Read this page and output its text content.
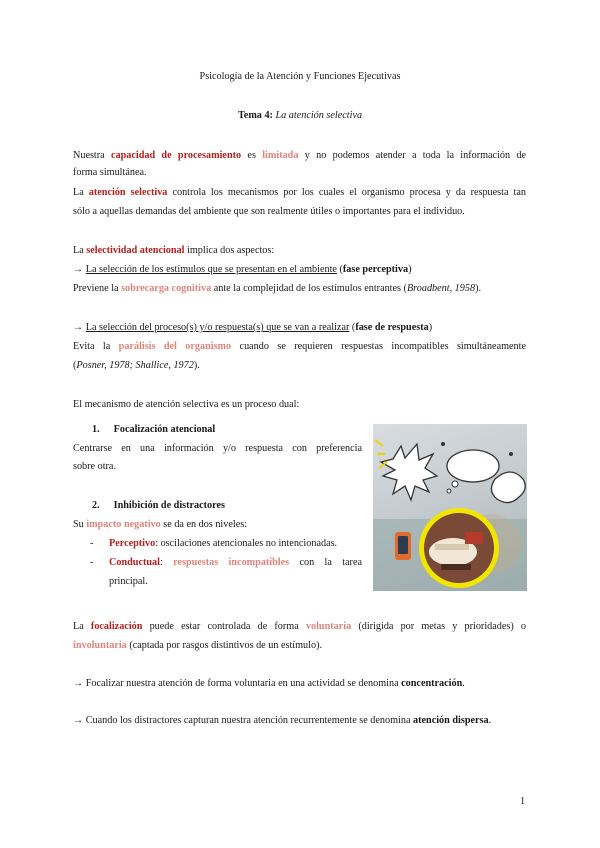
Psicología de la Atención y Funciones Ejecutivas
Tema 4: La atención selectiva
Nuestra capacidad de procesamiento es limitada y no podemos atender a toda la información de
forma simultánea.
La atención selectiva controla los mecanismos por los cuales el organismo procesa y da respuesta tan
sólo a aquellas demandas del ambiente que son realmente útiles o importantes para el individuo.
La selectividad atencional implica dos aspectos:
→ La selección de los estímulos que se presentan en el ambiente (fase perceptiva)
Previene la sobrecarga cognitiva ante la complejidad de los estímulos entrantes (Broadbent, 1958).
→ La selección del proceso(s) y/o respuesta(s) que se van a realizar (fase de respuesta)
Evita la parálisis del organismo cuando se requieren respuestas incompatibles simultáneamente
(Posner, 1978; Shallice, 1972).
El mecanismo de atención selectiva es un proceso dual:
1. Focalización atencional
Centrarse en una información y/o respuesta con preferencia
sobre otra.
2. Inhibición de distractores
Su impacto negativo se da en dos niveles:
- Perceptivo: oscilaciones atencionales no intencionadas.
- Conductual: respuestas incompatibles con la tarea
principal.
La focalización puede estar controlada de forma voluntaria (dirigida por metas y prioridades) o
involuntaria (captada por rasgos distintivos de un estímulo).
→ Focalizar nuestra atención de forma voluntaria en una actividad se denomina concentración.
→ Cuando los distractores capturan nuestra atención recurrentemente se denomina atención dispersa.
1
